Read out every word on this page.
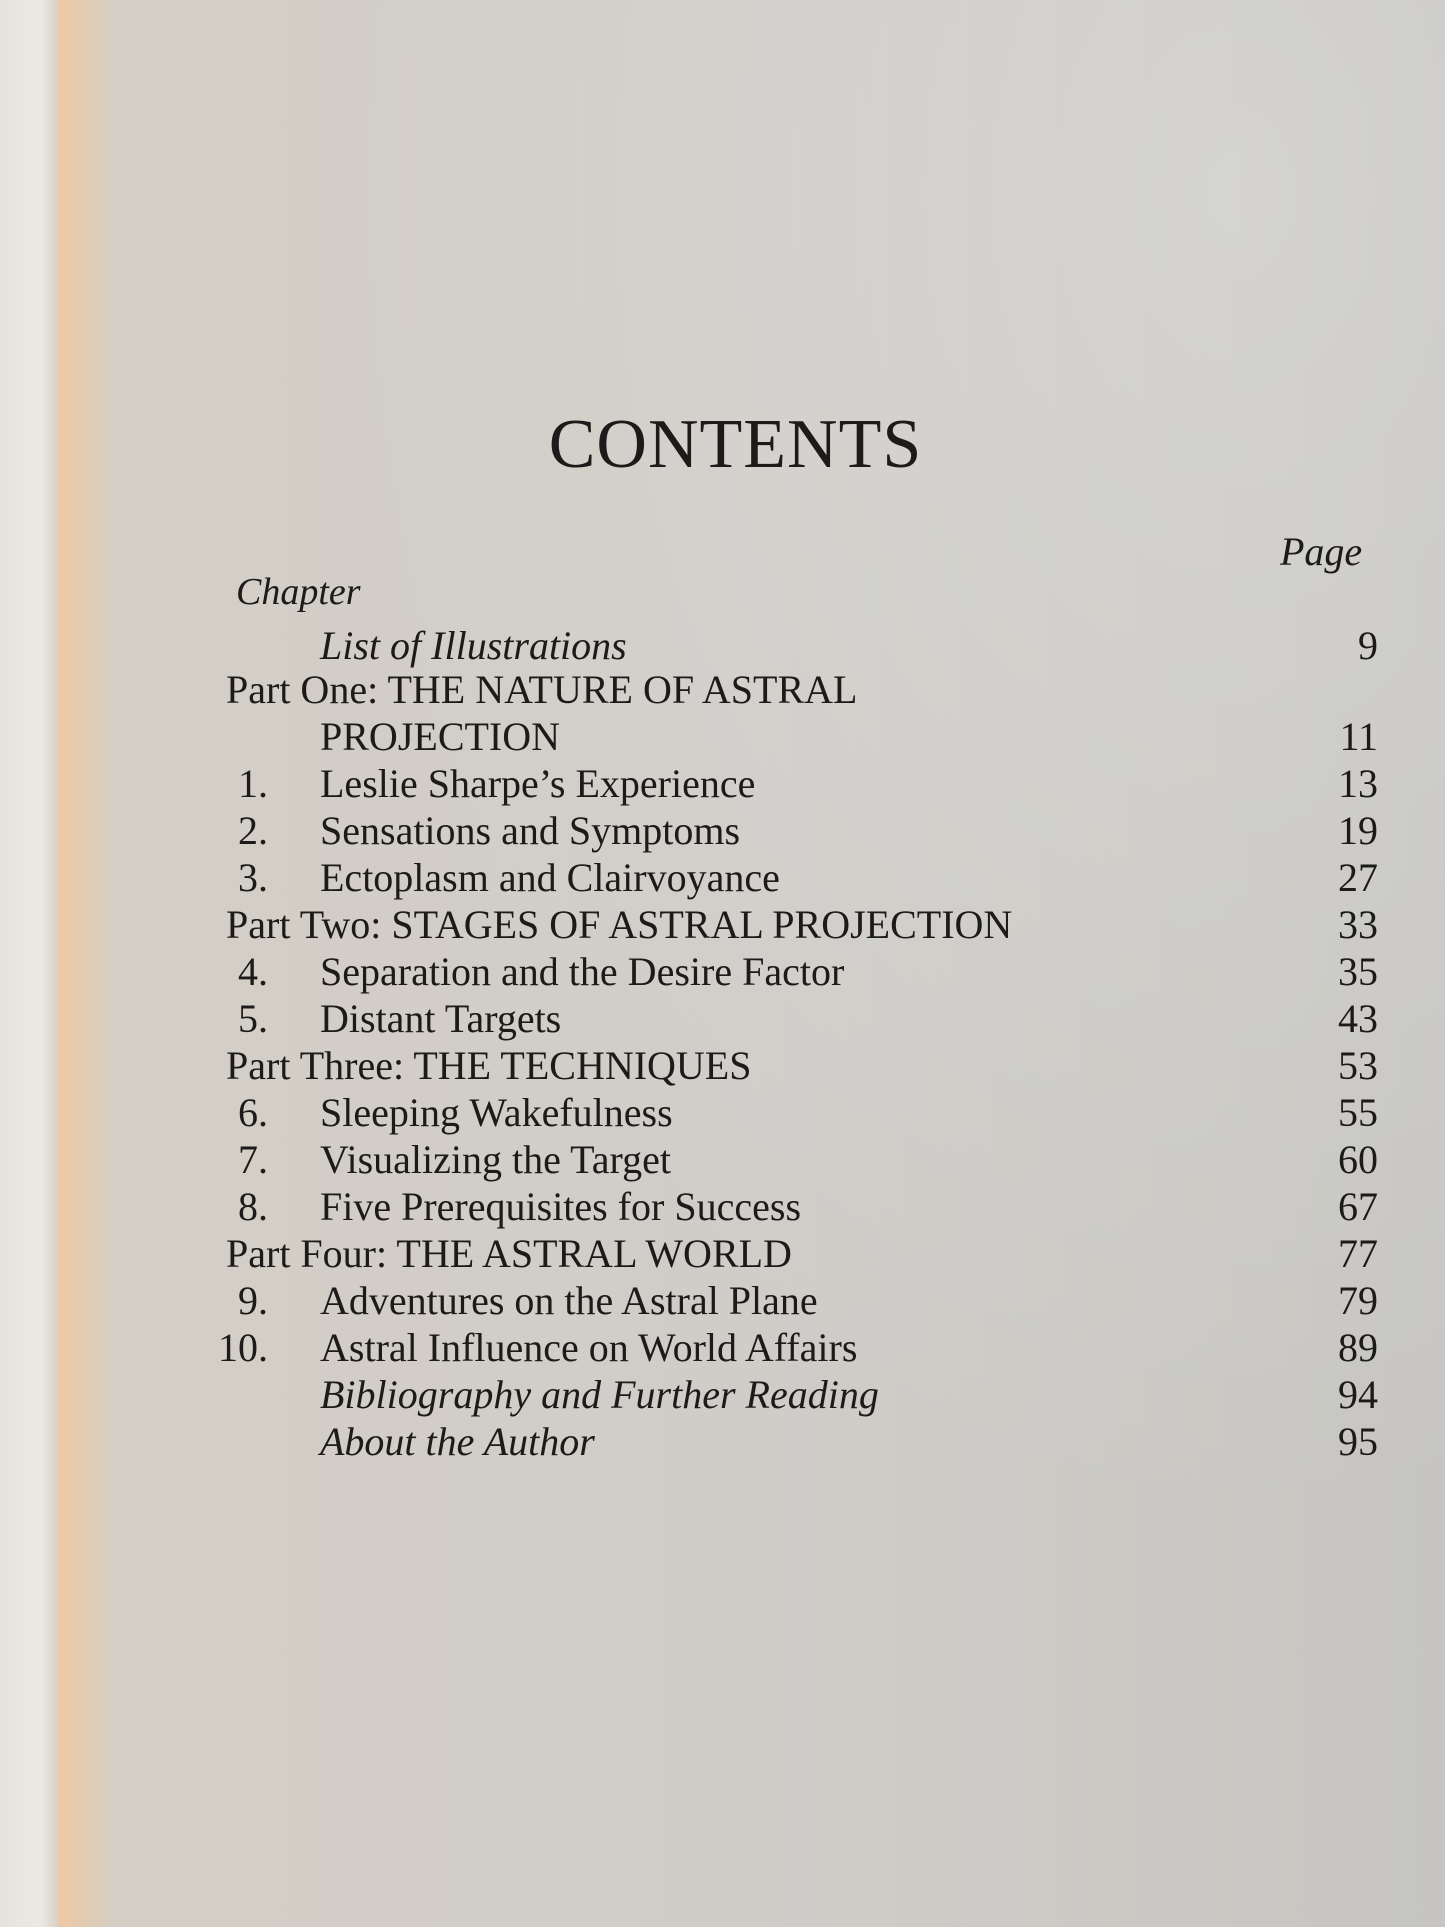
CONTENTS
Page
Chapter
List of Illustrations	9
Part One: THE NATURE OF ASTRAL
PROJECTION	11
1. Leslie Sharpe’s Experience	13
2. Sensations and Symptoms	19
3. Ectoplasm and Clairvoyance	27
Part Two: STAGES OF ASTRAL PROJECTION	33
4. Separation and the Desire Factor	35
5. Distant Targets	43
Part Three: THE TECHNIQUES	53
6. Sleeping Wakefulness	55
7. Visualizing the Target	60
8. Five Prerequisites for Success	67
Part Four: THE ASTRAL WORLD	77
9. Adventures on the Astral Plane	79
10. Astral Influence on World Affairs	89
Bibliography and Further Reading	94
About the Author	95
